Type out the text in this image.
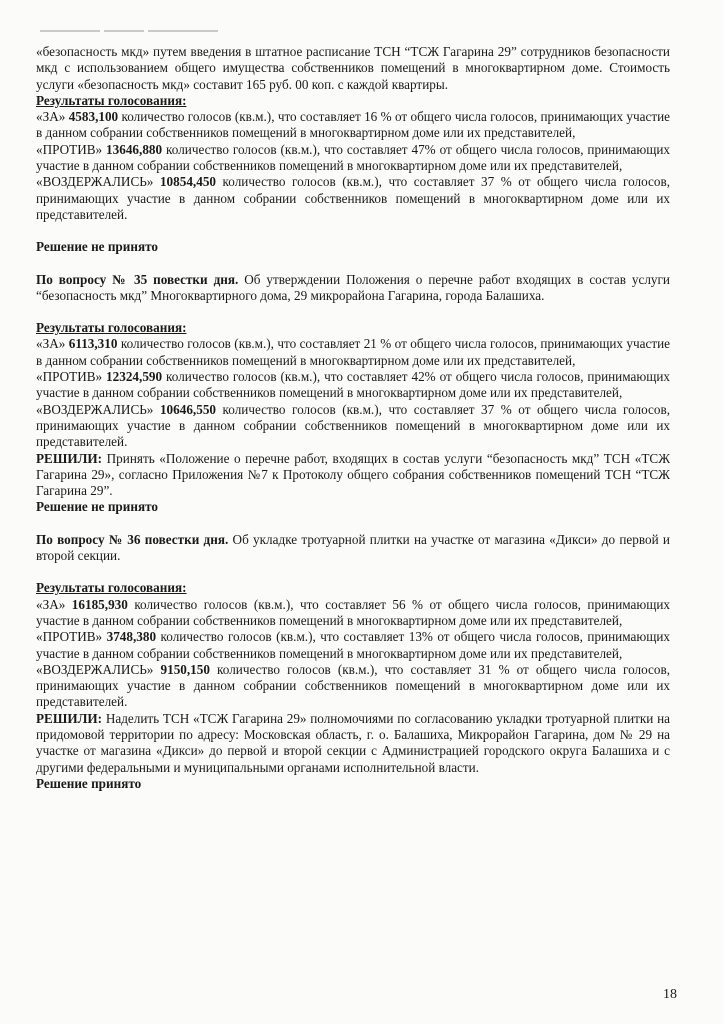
«безопасность мкд» путем введения в штатное расписание ТСН “ТСЖ Гагарина 29” сотрудников безопасности мкд с использованием общего имущества собственников помещений в многоквартирном доме. Стоимость услуги «безопасность мкд» составит 165 руб. 00 коп. с каждой квартиры.

Результаты голосования:

«ЗА» 4583,100 количество голосов (кв.м.), что составляет 16 % от общего числа голосов, принимающих участие в данном собрании собственников помещений в многоквартирном доме или их представителей,

«ПРОТИВ» 13646,880 количество голосов (кв.м.), что составляет 47% от общего числа голосов, принимающих участие в данном собрании собственников помещений в многоквартирном доме или их представителей,

«ВОЗДЕРЖАЛИСЬ» 10854,450 количество голосов (кв.м.), что составляет 37 % от общего числа голосов, принимающих участие в данном собрании собственников помещений в многоквартирном доме или их представителей.

Решение не принято

По вопросу № 35 повестки дня. Об утверждении Положения о перечне работ входящих в состав услуги “безопасность мкд” Многоквартирного дома, 29 микрорайона Гагарина, города Балашиха.

Результаты голосования:

«ЗА» 6113,310 количество голосов (кв.м.), что составляет 21 % от общего числа голосов, принимающих участие в данном собрании собственников помещений в многоквартирном доме или их представителей,

«ПРОТИВ» 12324,590 количество голосов (кв.м.), что составляет 42% от общего числа голосов, принимающих участие в данном собрании собственников помещений в многоквартирном доме или их представителей,

«ВОЗДЕРЖАЛИСЬ» 10646,550 количество голосов (кв.м.), что составляет 37 % от общего числа голосов, принимающих участие в данном собрании собственников помещений в многоквартирном доме или их представителей.

РЕШИЛИ: Принять «Положение о перечне работ, входящих в состав услуги “безопасность мкд” ТСН «ТСЖ Гагарина 29», согласно Приложения №7 к Протоколу общего собрания собственников помещений ТСН “ТСЖ Гагарина 29”.

Решение не принято

По вопросу № 36 повестки дня. Об укладке тротуарной плитки на участке от магазина «Дикси» до первой и второй секции.

Результаты голосования:

«ЗА» 16185,930 количество голосов (кв.м.), что составляет 56 % от общего числа голосов, принимающих участие в данном собрании собственников помещений в многоквартирном доме или их представителей,

«ПРОТИВ» 3748,380 количество голосов (кв.м.), что составляет 13% от общего числа голосов, принимающих участие в данном собрании собственников помещений в многоквартирном доме или их представителей,

«ВОЗДЕРЖАЛИСЬ» 9150,150 количество голосов (кв.м.), что составляет 31 % от общего числа голосов, принимающих участие в данном собрании собственников помещений в многоквартирном доме или их представителей.

РЕШИЛИ: Наделить ТСН «ТСЖ Гагарина 29» полномочиями по согласованию укладки тротуарной плитки на придомовой территории по адресу: Московская область, г. о. Балашиха, Микрорайон Гагарина, дом № 29 на участке от магазина «Дикси» до первой и второй секции с Администрацией городского округа Балашиха и с другими федеральными и муниципальными органами исполнительной власти.

Решение принято

18
